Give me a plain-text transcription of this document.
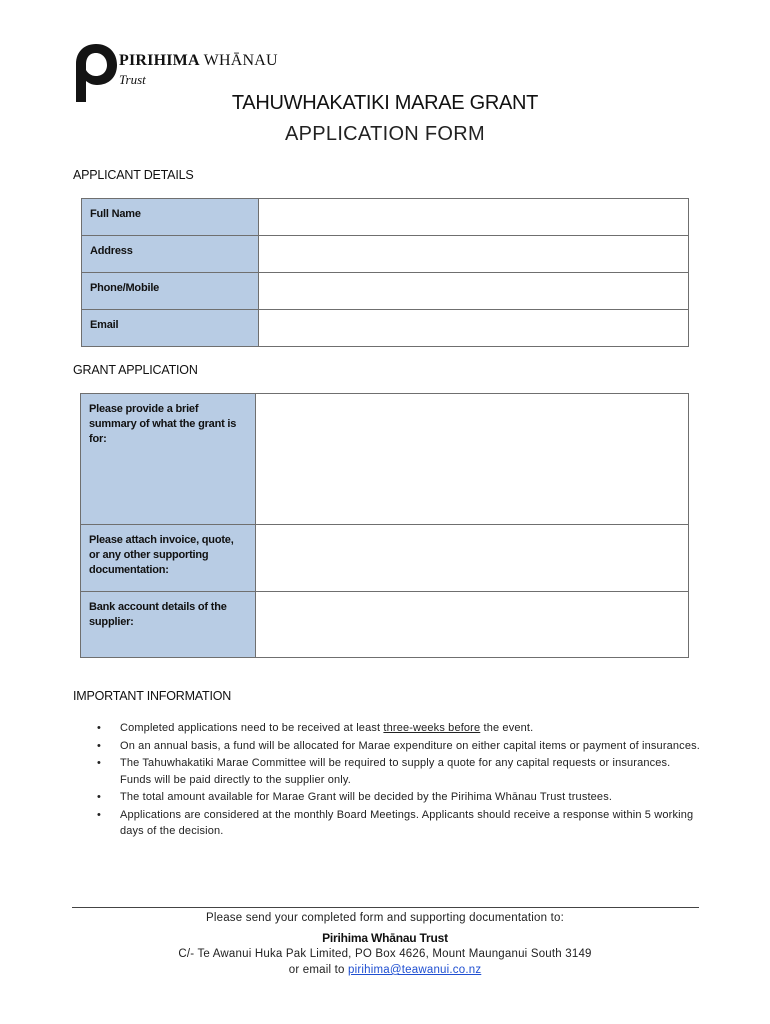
PIRIHIMA WHĀNAU
Trust
TAHUWHAKATIKI MARAE GRANT
APPLICATION FORM
APPLICANT DETAILS
Full Name	
Address	
Phone/Mobile	
Email	
GRANT APPLICATION
Please provide a brief summary of what the grant is for:	
Please attach invoice, quote, or any other supporting documentation:	
Bank account details of the supplier:	
IMPORTANT INFORMATION
• Completed applications need to be received at least three-weeks before the event.
• On an annual basis, a fund will be allocated for Marae expenditure on either capital items or payment of insurances.
• The Tahuwhakatiki Marae Committee will be required to supply a quote for any capital requests or insurances. Funds will be paid directly to the supplier only.
• The total amount available for Marae Grant will be decided by the Pirihima Whānau Trust trustees.
• Applications are considered at the monthly Board Meetings. Applicants should receive a response within 5 working days of the decision.
Please send your completed form and supporting documentation to:
Pirihima Whānau Trust
C/- Te Awanui Huka Pak Limited, PO Box 4626, Mount Maunganui South 3149
or email to pirihima@teawanui.co.nz
